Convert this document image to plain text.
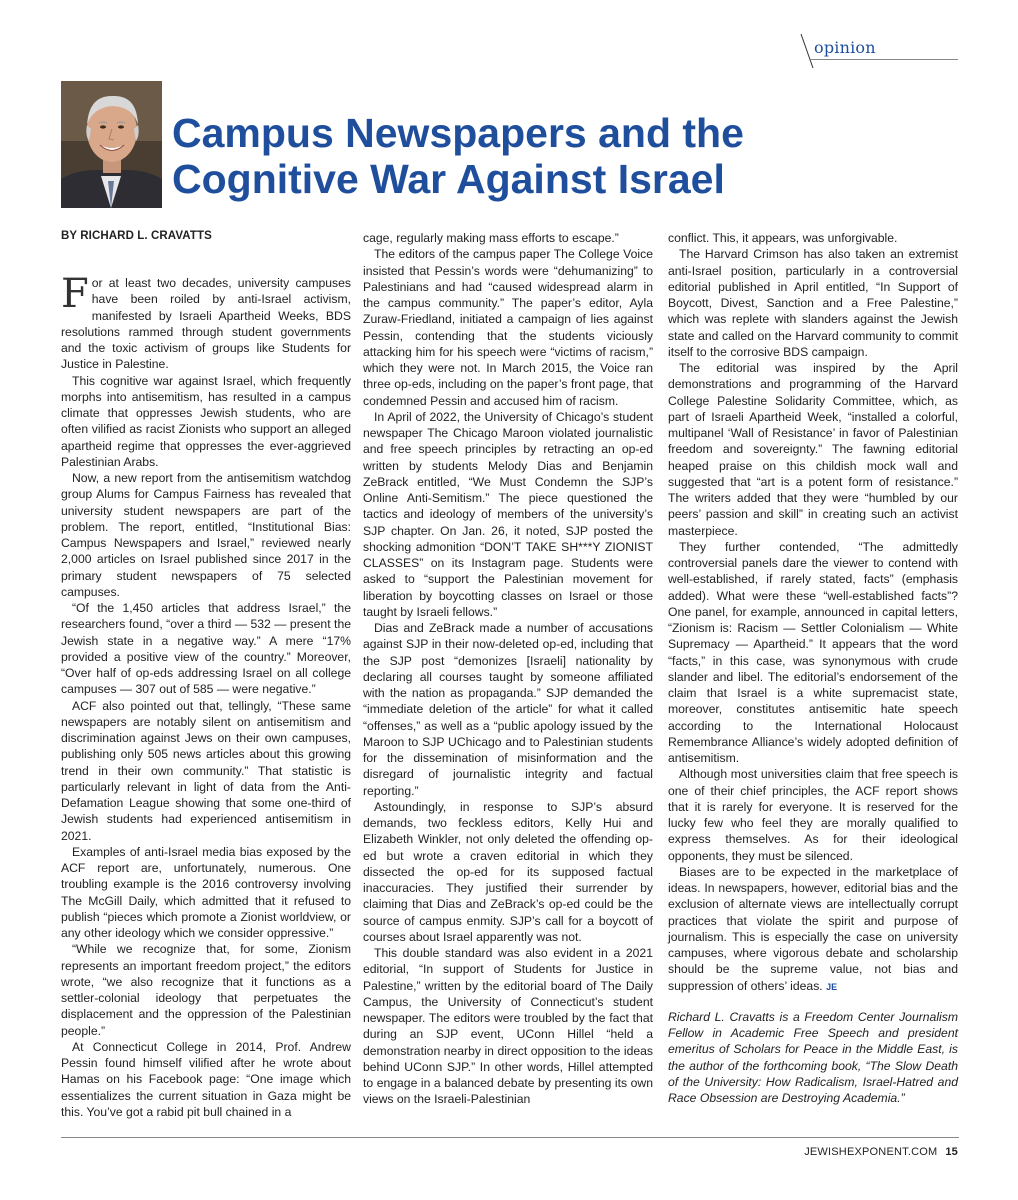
opinion
Campus Newspapers and the
Cognitive War Against Israel

BY RICHARD L. CRAVATTS

For at least two decades, university campuses have been roiled by anti-Israel activism, manifested by Israeli Apartheid Weeks, BDS resolutions rammed through student governments and the toxic activism of groups like Students for Justice in Palestine.

This cognitive war against Israel, which frequently morphs into antisemitism, has resulted in a campus climate that oppresses Jewish students, who are often vilified as racist Zionists who support an alleged apartheid regime that oppresses the ever-aggrieved Palestinian Arabs.

Now, a new report from the antisemitism watchdog group Alums for Campus Fairness has revealed that university student newspapers are part of the problem. The report, entitled, “Institutional Bias: Campus Newspapers and Israel,” reviewed nearly 2,000 articles on Israel published since 2017 in the primary student newspapers of 75 selected campuses.

“Of the 1,450 articles that address Israel,” the researchers found, “over a third — 532 — present the Jewish state in a negative way.” A mere “17% provided a positive view of the country.” Moreover, “Over half of op-eds addressing Israel on all college campuses — 307 out of 585 — were negative.”

ACF also pointed out that, tellingly, “These same newspapers are notably silent on antisemitism and discrimination against Jews on their own campuses, publishing only 505 news articles about this growing trend in their own community.” That statistic is particularly relevant in light of data from the Anti-Defamation League showing that some one-third of Jewish students had experienced antisemitism in 2021.

Examples of anti-Israel media bias exposed by the ACF report are, unfortunately, numerous. One troubling example is the 2016 controversy involving The McGill Daily, which admitted that it refused to publish “pieces which promote a Zionist worldview, or any other ideology which we consider oppressive.”

“While we recognize that, for some, Zionism represents an important freedom project,” the editors wrote, “we also recognize that it functions as a settler-colonial ideology that perpetuates the displacement and the oppression of the Palestinian people.”

At Connecticut College in 2014, Prof. Andrew Pessin found himself vilified after he wrote about Hamas on his Facebook page: “One image which essentializes the current situation in Gaza might be this. You’ve got a rabid pit bull chained in a

cage, regularly making mass efforts to escape.”

The editors of the campus paper The College Voice insisted that Pessin’s words were “dehumanizing” to Palestinians and had “caused widespread alarm in the campus community.” The paper’s editor, Ayla Zuraw-Friedland, initiated a campaign of lies against Pessin, contending that the students viciously attacking him for his speech were “victims of racism,” which they were not. In March 2015, the Voice ran three op-eds, including on the paper’s front page, that condemned Pessin and accused him of racism.

In April of 2022, the University of Chicago’s student newspaper The Chicago Maroon violated journalistic and free speech principles by retracting an op-ed written by students Melody Dias and Benjamin ZeBrack entitled, “We Must Condemn the SJP’s Online Anti-Semitism.” The piece questioned the tactics and ideology of members of the university’s SJP chapter. On Jan. 26, it noted, SJP posted the shocking admonition “DON’T TAKE SH***Y ZIONIST CLASSES” on its Instagram page. Students were asked to “support the Palestinian movement for liberation by boycotting classes on Israel or those taught by Israeli fellows.”

Dias and ZeBrack made a number of accusations against SJP in their now-deleted op-ed, including that the SJP post “demonizes [Israeli] nationality by declaring all courses taught by someone affiliated with the nation as propaganda.” SJP demanded the “immediate deletion of the article” for what it called “offenses,” as well as a “public apology issued by the Maroon to SJP UChicago and to Palestinian students for the dissemination of misinformation and the disregard of journalistic integrity and factual reporting.”

Astoundingly, in response to SJP’s absurd demands, two feckless editors, Kelly Hui and Elizabeth Winkler, not only deleted the offending op-ed but wrote a craven editorial in which they dissected the op-ed for its supposed factual inaccuracies. They justified their surrender by claiming that Dias and ZeBrack’s op-ed could be the source of campus enmity. SJP’s call for a boycott of courses about Israel apparently was not.

This double standard was also evident in a 2021 editorial, “In support of Students for Justice in Palestine,” written by the editorial board of The Daily Campus, the University of Connecticut’s student newspaper. The editors were troubled by the fact that during an SJP event, UConn Hillel “held a demonstration nearby in direct opposition to the ideas behind UConn SJP.” In other words, Hillel attempted to engage in a balanced debate by presenting its own views on the Israeli-Palestinian

conflict. This, it appears, was unforgivable.

The Harvard Crimson has also taken an extremist anti-Israel position, particularly in a controversial editorial published in April entitled, “In Support of Boycott, Divest, Sanction and a Free Palestine,” which was replete with slanders against the Jewish state and called on the Harvard community to commit itself to the corrosive BDS campaign.

The editorial was inspired by the April demonstrations and programming of the Harvard College Palestine Solidarity Committee, which, as part of Israeli Apartheid Week, “installed a colorful, multipanel ‘Wall of Resistance’ in favor of Palestinian freedom and sovereignty.” The fawning editorial heaped praise on this childish mock wall and suggested that “art is a potent form of resistance.” The writers added that they were “humbled by our peers’ passion and skill” in creating such an activist masterpiece.

They further contended, “The admittedly controversial panels dare the viewer to contend with well-established, if rarely stated, facts” (emphasis added). What were these “well-established facts”? One panel, for example, announced in capital letters, “Zionism is: Racism — Settler Colonialism — White Supremacy — Apartheid.” It appears that the word “facts,” in this case, was synonymous with crude slander and libel. The editorial’s endorsement of the claim that Israel is a white supremacist state, moreover, constitutes antisemitic hate speech according to the International Holocaust Remembrance Alliance’s widely adopted definition of antisemitism.

Although most universities claim that free speech is one of their chief principles, the ACF report shows that it is rarely for everyone. It is reserved for the lucky few who feel they are morally qualified to express themselves. As for their ideological opponents, they must be silenced.

Biases are to be expected in the marketplace of ideas. In newspapers, however, editorial bias and the exclusion of alternate views are intellectually corrupt practices that violate the spirit and purpose of journalism. This is especially the case on university campuses, where vigorous debate and scholarship should be the supreme value, not bias and suppression of others’ ideas. JE

Richard L. Cravatts is a Freedom Center Journalism Fellow in Academic Free Speech and president emeritus of Scholars for Peace in the Middle East, is the author of the forthcoming book, “The Slow Death of the University: How Radicalism, Israel-Hatred and Race Obsession are Destroying Academia.”

JEWISHEXPONENT.COM 15
